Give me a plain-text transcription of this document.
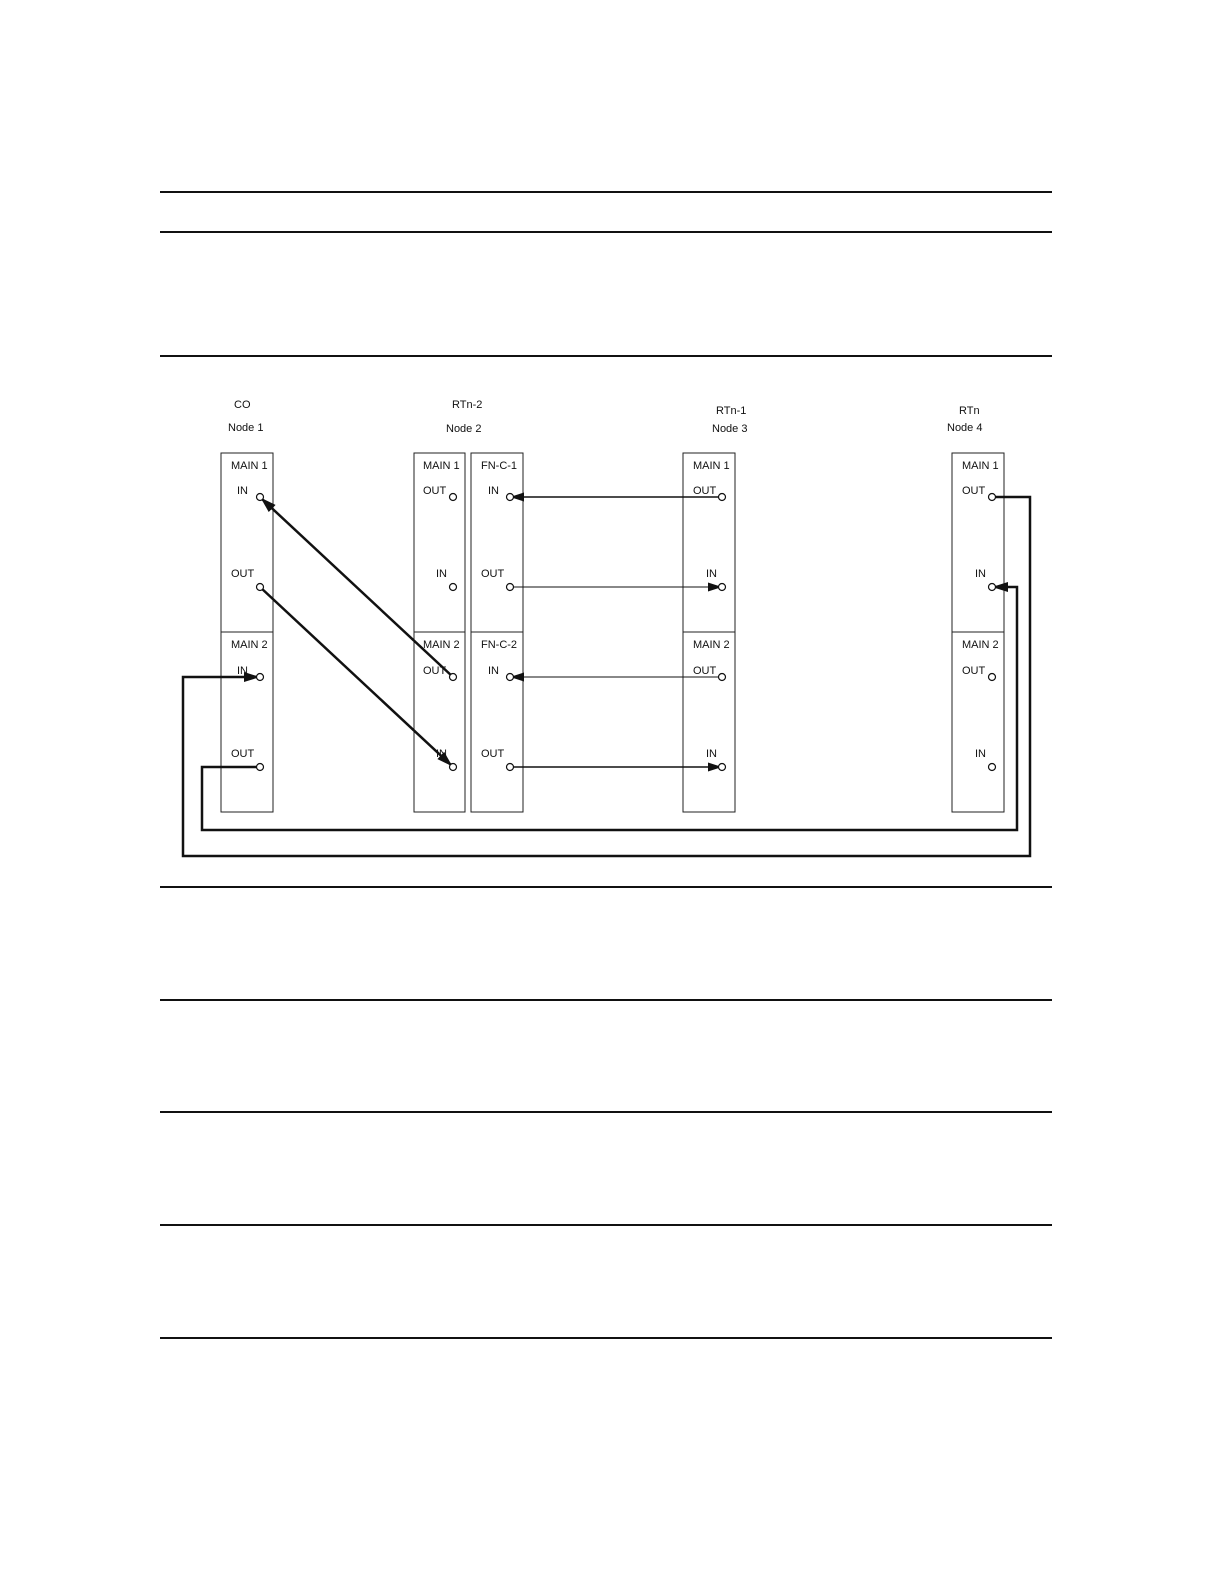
CO
Node 1
RTn-2
Node 2
RTn-1
Node 3
RTn
Node 4
MAIN 1
IN
OUT
MAIN 2
IN
OUT
MAIN 1
OUT
IN
MAIN 2
OUT
IN
FN-C-1
IN
OUT
FN-C-2
IN
OUT
MAIN 1
OUT
IN
MAIN 2
OUT
IN
MAIN 1
OUT
IN
MAIN 2
OUT
IN
